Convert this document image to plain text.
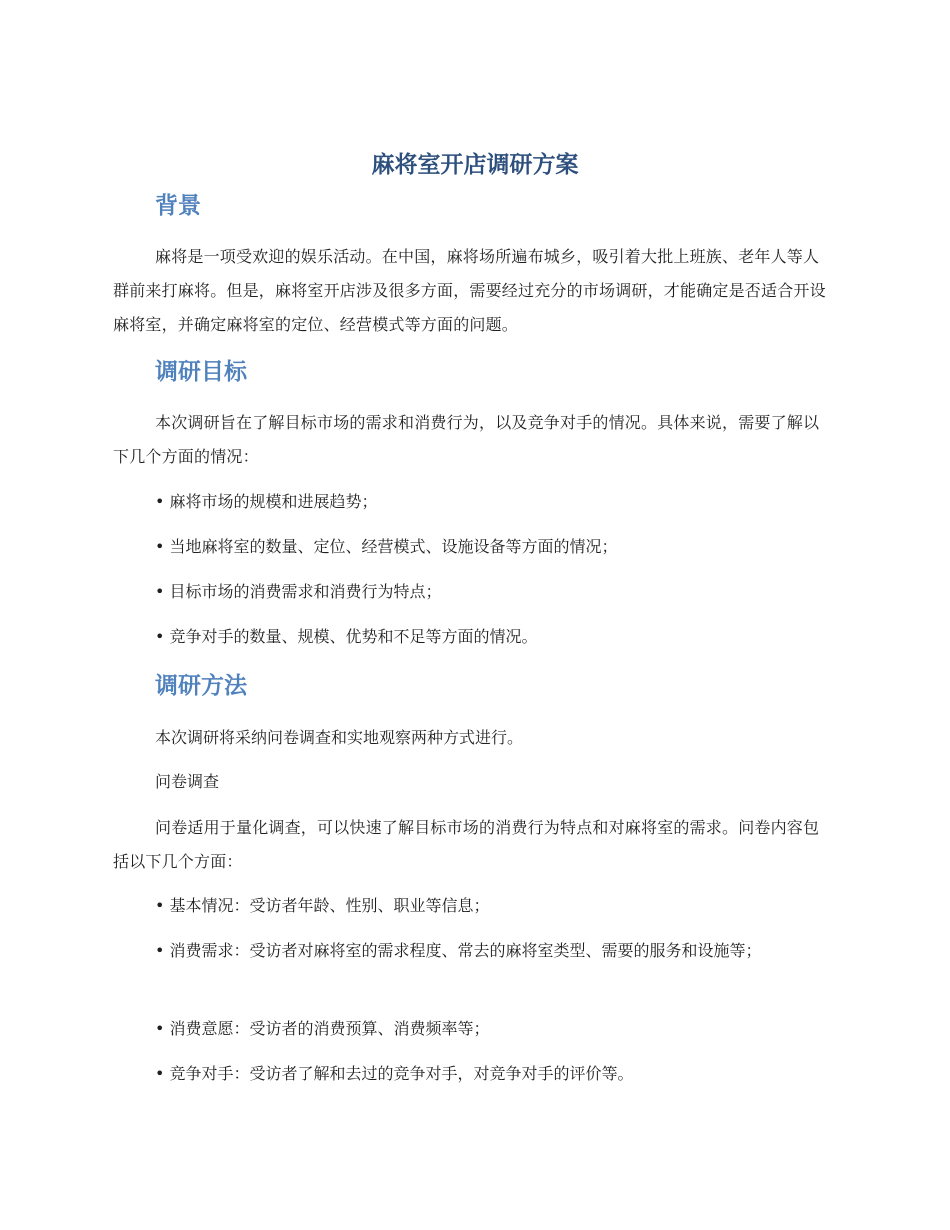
麻将室开店调研方案
背景

麻将是一项受欢迎的娱乐活动。在中国，麻将场所遍布城乡，吸引着大批上班族、老年人等人群前来打麻将。但是，麻将室开店涉及很多方面，需要经过充分的市场调研，才能确定是否适合开设麻将室，并确定麻将室的定位、经营模式等方面的问题。

调研目标

本次调研旨在了解目标市场的需求和消费行为，以及竞争对手的情况。具体来说，需要了解以下几个方面的情况：

• 麻将市场的规模和进展趋势；

• 当地麻将室的数量、定位、经营模式、设施设备等方面的情况；

• 目标市场的消费需求和消费行为特点；

• 竞争对手的数量、规模、优势和不足等方面的情况。

调研方法

本次调研将采纳问卷调查和实地观察两种方式进行。

问卷调查

问卷适用于量化调查，可以快速了解目标市场的消费行为特点和对麻将室的需求。问卷内容包括以下几个方面：

• 基本情况：受访者年龄、性别、职业等信息；

• 消费需求：受访者对麻将室的需求程度、常去的麻将室类型、需要的服务和设施等；

• 消费意愿：受访者的消费预算、消费频率等；

• 竞争对手：受访者了解和去过的竞争对手，对竞争对手的评价等。
